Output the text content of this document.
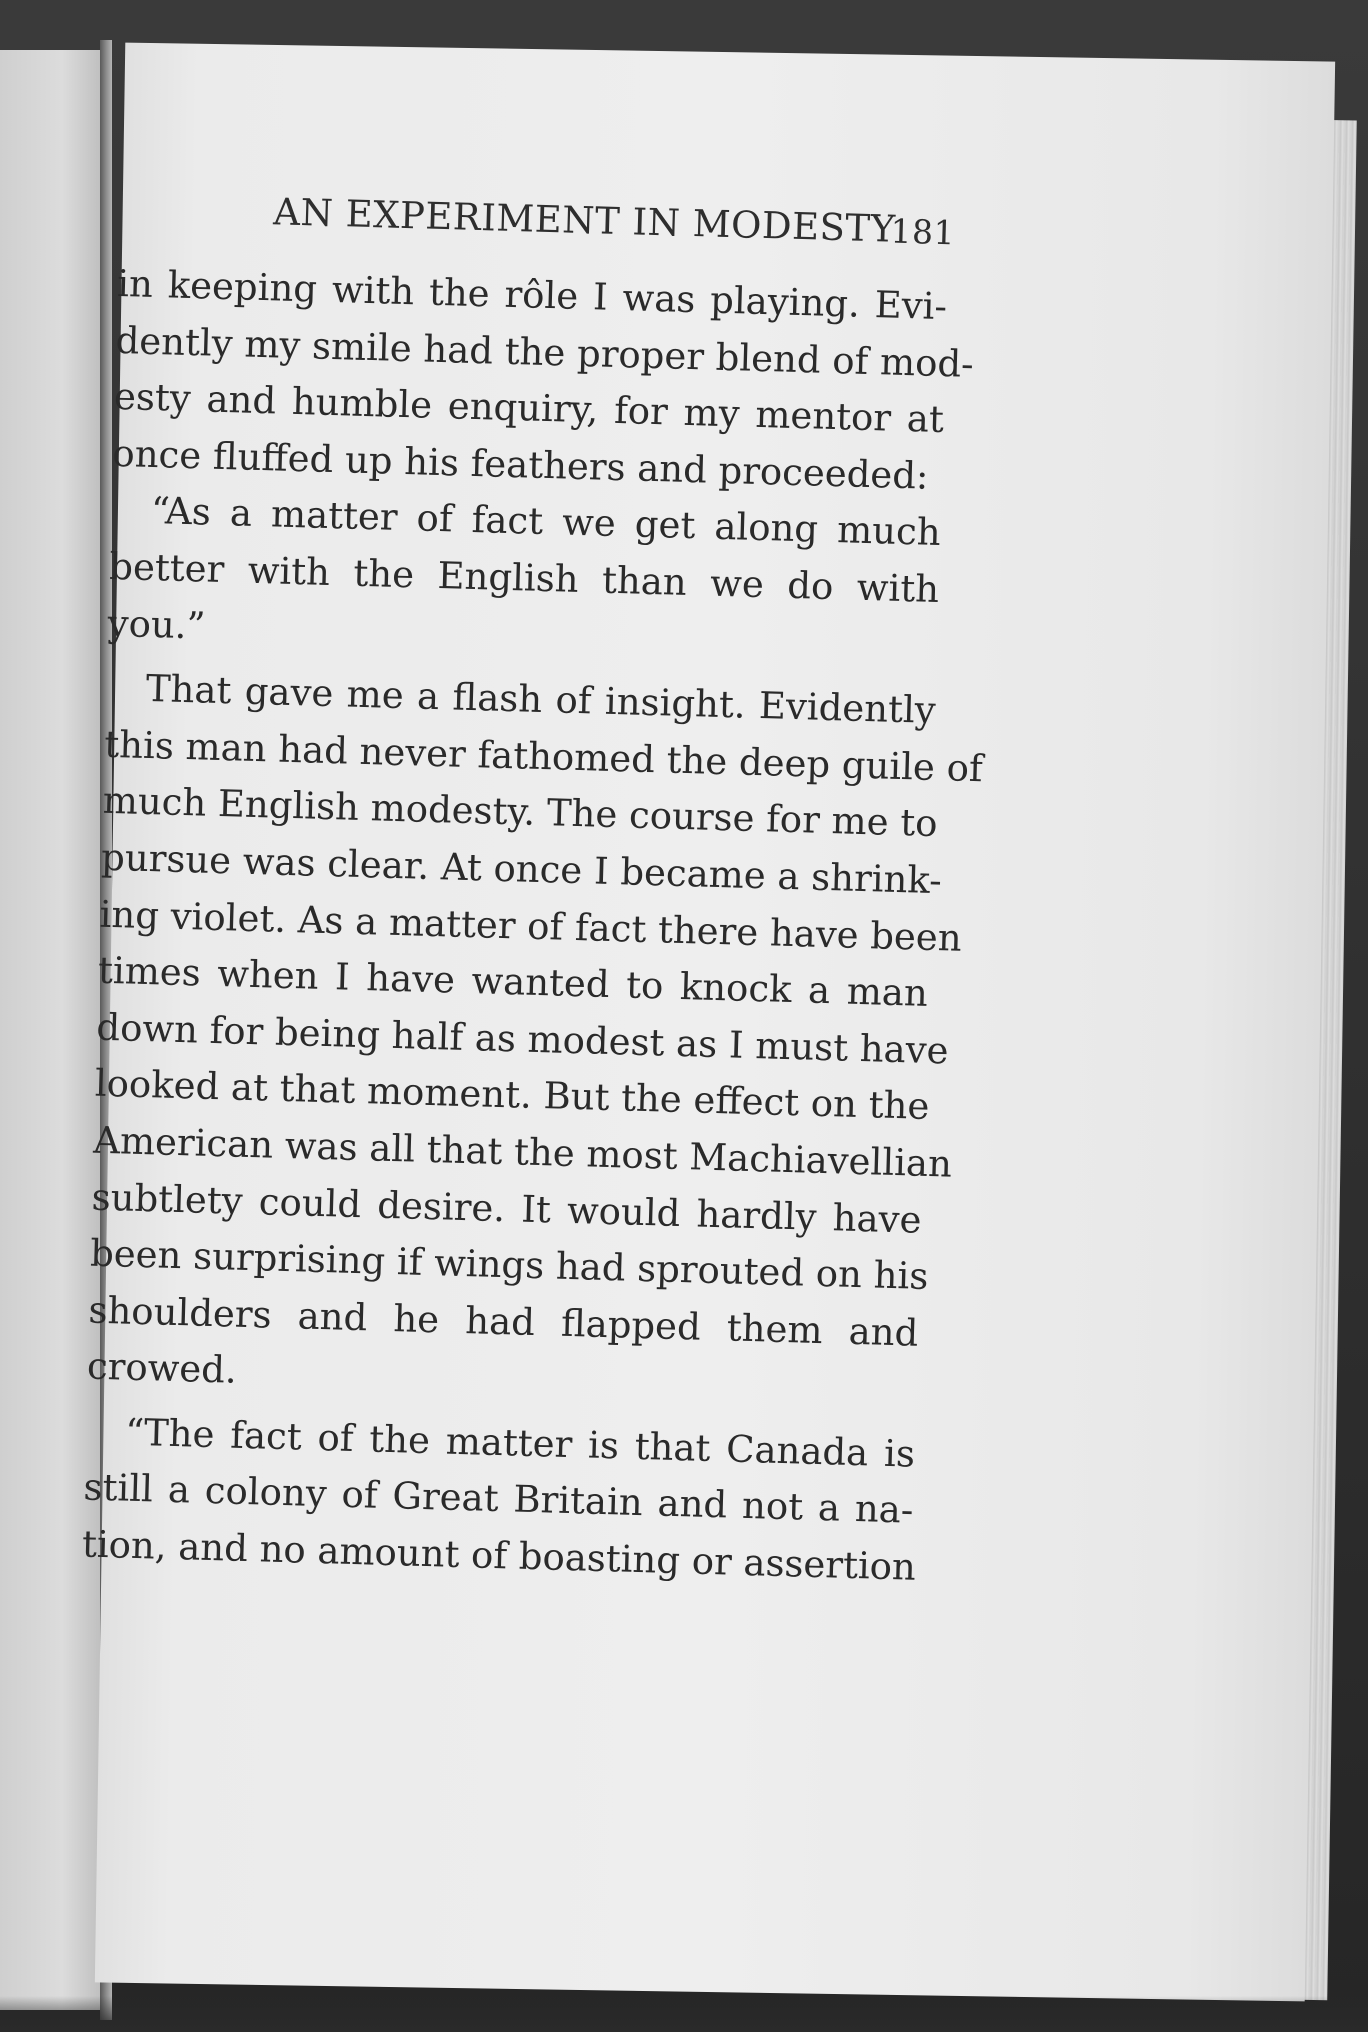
AN EXPERIMENT IN MODESTY
181
in keeping with the rôle I was playing. Evi-
dently my smile had the proper blend of mod-
esty and humble enquiry, for my mentor at
once fluffed up his feathers and proceeded:
“As a matter of fact we get along much
better with the English than we do with
you.”
That gave me a flash of insight. Evidently
this man had never fathomed the deep guile of
much English modesty. The course for me to
pursue was clear. At once I became a shrink-
ing violet. As a matter of fact there have been
times when I have wanted to knock a man
down for being half as modest as I must have
looked at that moment. But the effect on the
American was all that the most Machiavellian
subtlety could desire. It would hardly have
been surprising if wings had sprouted on his
shoulders and he had flapped them and
crowed.
“The fact of the matter is that Canada is
still a colony of Great Britain and not a na-
tion, and no amount of boasting or assertion
